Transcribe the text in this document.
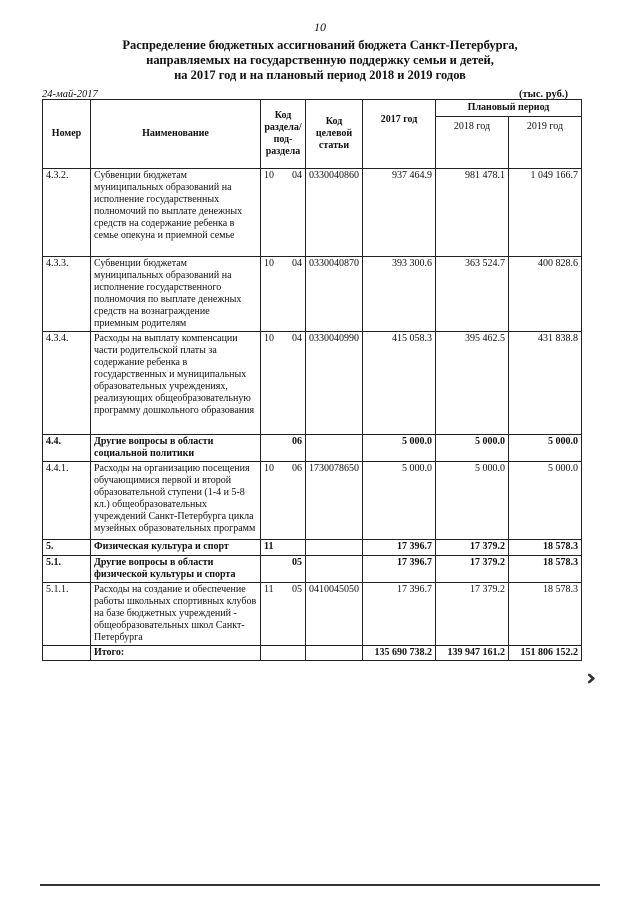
10
Распределение бюджетных ассигнований бюджета Санкт-Петербурга,
направляемых на государственную поддержку семьи и детей,
на 2017 год и на плановый период 2018 и 2019 годов
24-май-2017	(тыс. руб.)
Номер	Наименование	Код раздела/ под-раздела	Код целевой статьи	2017 год	Плановый период	
					2018 год	2019 год
4.3.2.	Субвенции бюджетам муниципальных образований на исполнение государственных полномочий по выплате денежных средств на содержание ребенка в семье опекуна и приемной семье	10 04	0330040860	937 464.9	981 478.1	1 049 166.7
4.3.3.	Субвенции бюджетам муниципальных образований на исполнение государственного полномочия по выплате денежных средств на вознаграждение приемным родителям	10 04	0330040870	393 300.6	363 524.7	400 828.6
4.3.4.	Расходы на выплату компенсации части родительской платы за содержание ребенка в государственных и муниципальных образовательных учреждениях, реализующих общеобразовательную программу дошкольного образования	10 04	0330040990	415 058.3	395 462.5	431 838.8
4.4.	Другие вопросы в области социальной политики	06		5 000.0	5 000.0	5 000.0
4.4.1.	Расходы на организацию посещения обучающимися первой и второй образовательной ступени (1-4 и 5-8 кл.) общеобразовательных учреждений Санкт-Петербурга цикла музейных образовательных программ	10 06	1730078650	5 000.0	5 000.0	5 000.0
5.	Физическая культура и спорт	11		17 396.7	17 379.2	18 578.3
5.1.	Другие вопросы в области физической культуры и спорта	05		17 396.7	17 379.2	18 578.3
5.1.1.	Расходы на создание и обеспечение работы школьных спортивных клубов на базе бюджетных учреждений - общеобразовательных школ Санкт-Петербурга	11 05	0410045050	17 396.7	17 379.2	18 578.3
	Итого:			135 690 738.2	139 947 161.2	151 806 152.2
›››
